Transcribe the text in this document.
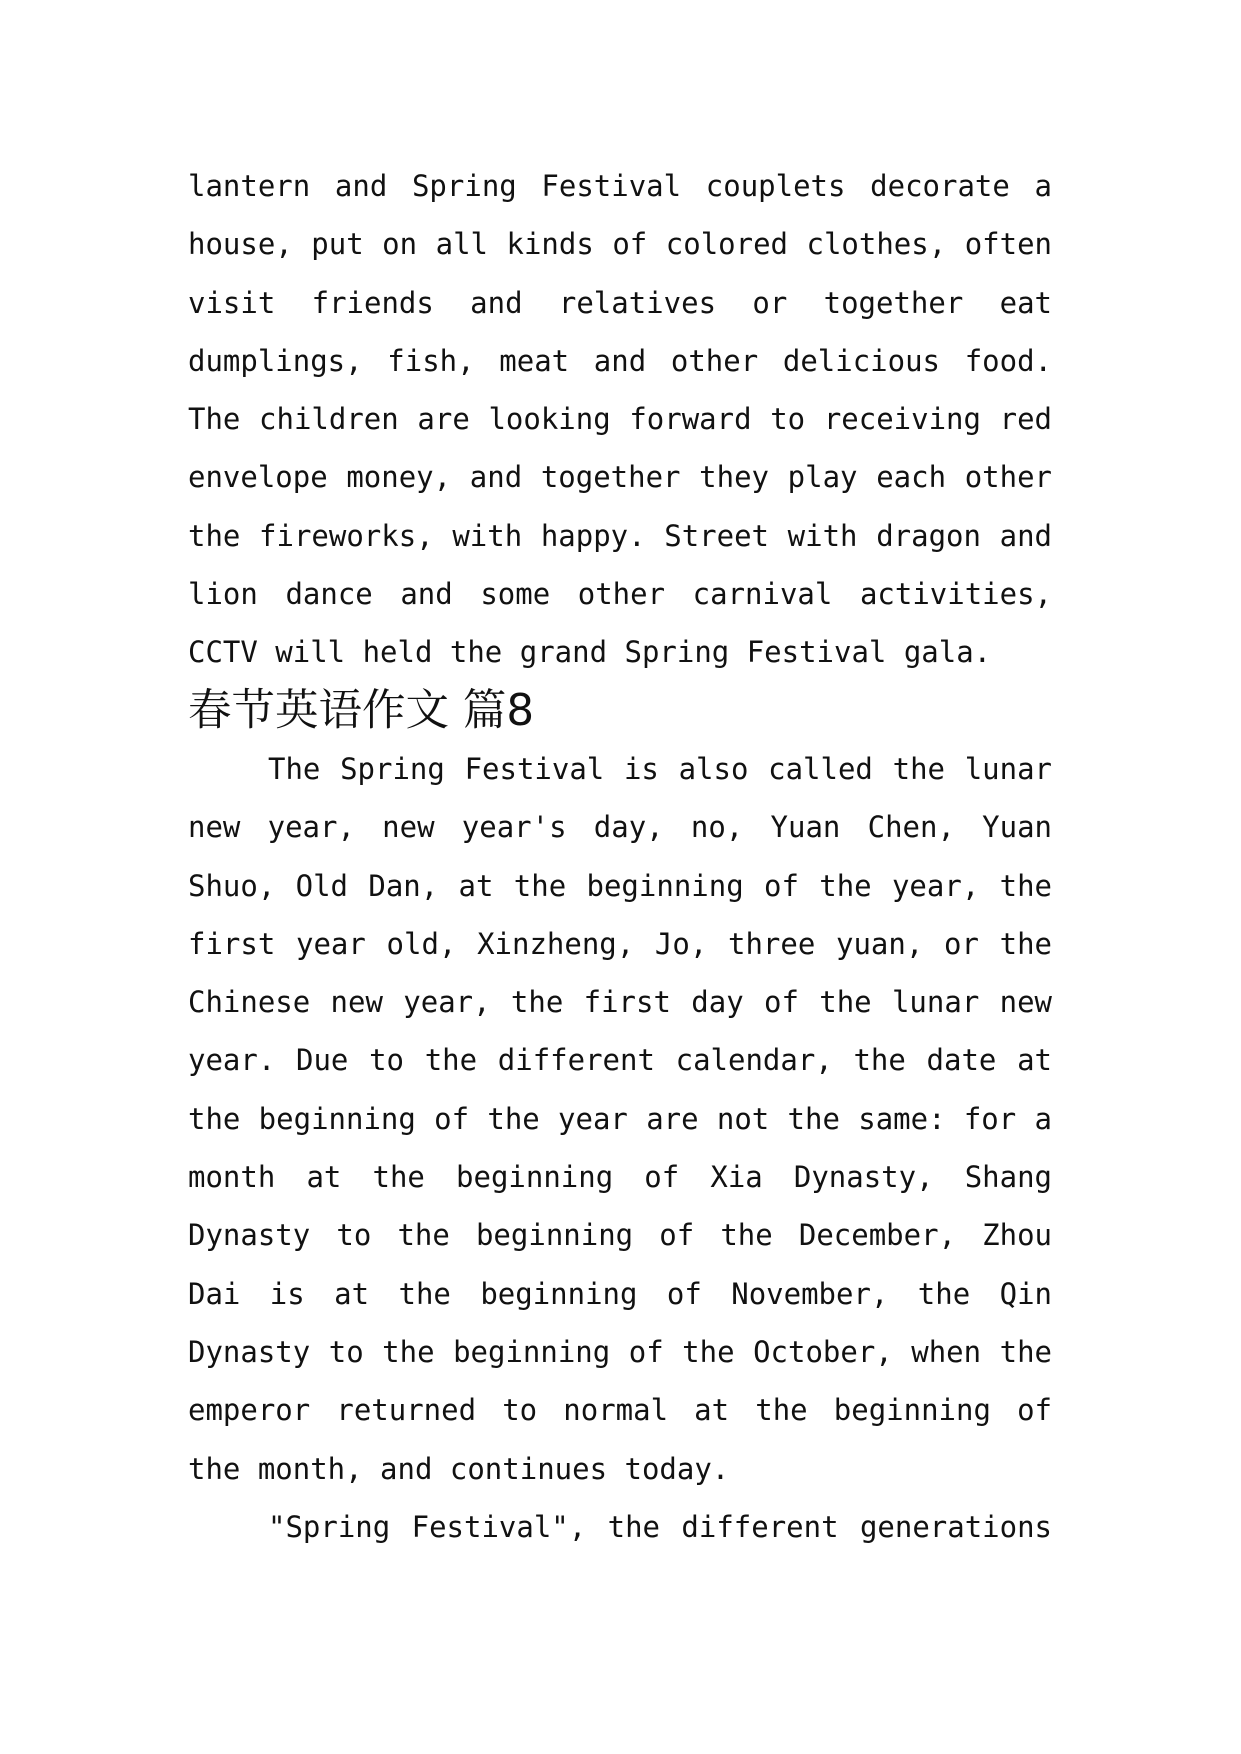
lantern and Spring Festival couplets decorate a house, put on all kinds of colored clothes, often visit friends and relatives or together eat dumplings, fish, meat and other delicious food. The children are looking forward to receiving red envelope money, and together they play each other the fireworks, with happy. Street with dragon and lion dance and some other carnival activities, CCTV will held the grand Spring Festival gala.

春节英语作文 篇8

The Spring Festival is also called the lunar new year, new year's day, no, Yuan Chen, Yuan Shuo, Old Dan, at the beginning of the year, the first year old, Xinzheng, Jo, three yuan, or the Chinese new year, the first day of the lunar new year. Due to the different calendar, the date at the beginning of the year are not the same: for a month at the beginning of Xia Dynasty, Shang Dynasty to the beginning of the December, Zhou Dai is at the beginning of November, the Qin Dynasty to the beginning of the October, when the emperor returned to normal at the beginning of the month, and continues today.

"Spring Festival", the different generations
